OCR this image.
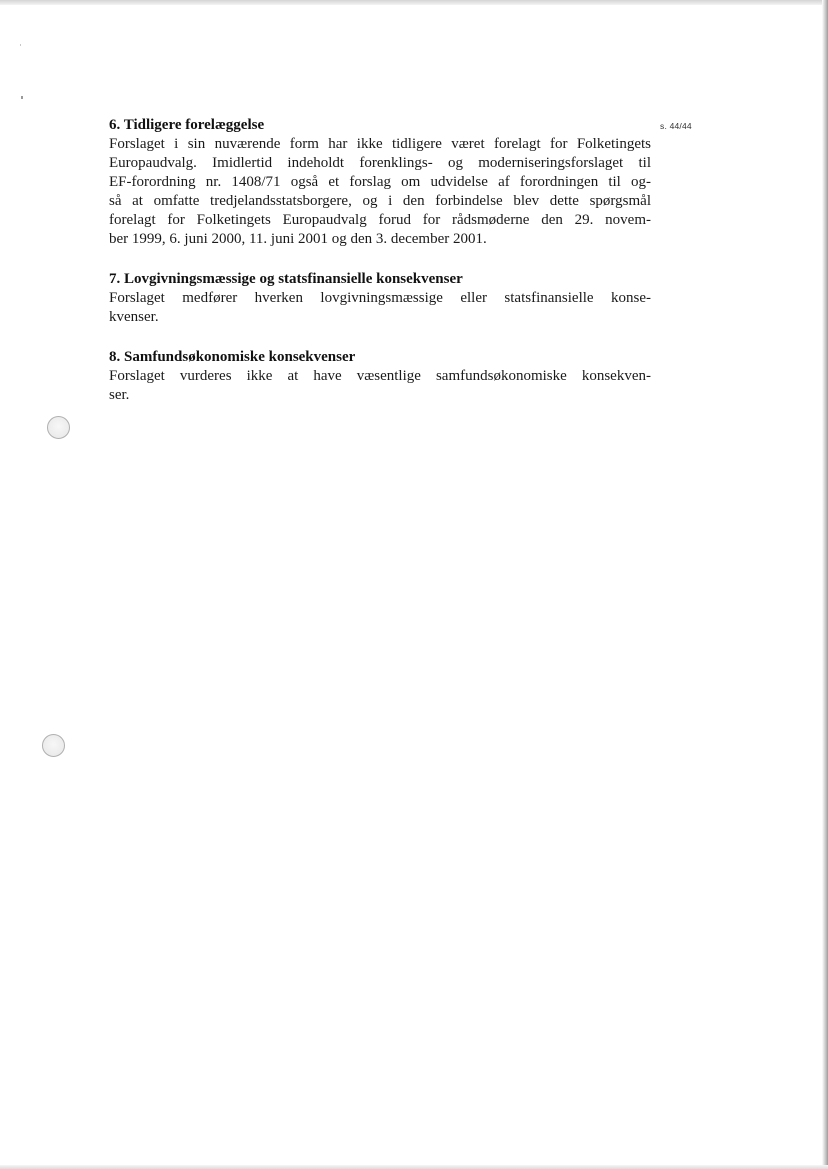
s. 44/44

6. Tidligere forelæggelse

Forslaget i sin nuværende form har ikke tidligere været forelagt for Folketingets
Europaudvalg. Imidlertid indeholdt forenklings- og moderniseringsforslaget til
EF-forordning nr. 1408/71 også et forslag om udvidelse af forordningen til og-
så at omfatte tredjelandsstatsborgere, og i den forbindelse blev dette spørgsmål
forelagt for Folketingets Europaudvalg forud for rådsmøderne den 29. novem-
ber 1999, 6. juni 2000, 11. juni 2001 og den 3. december 2001.

7. Lovgivningsmæssige og statsfinansielle konsekvenser

Forslaget medfører hverken lovgivningsmæssige eller statsfinansielle konse-
kvenser.

8. Samfundsøkonomiske konsekvenser

Forslaget vurderes ikke at have væsentlige samfundsøkonomiske konsekven-
ser.
